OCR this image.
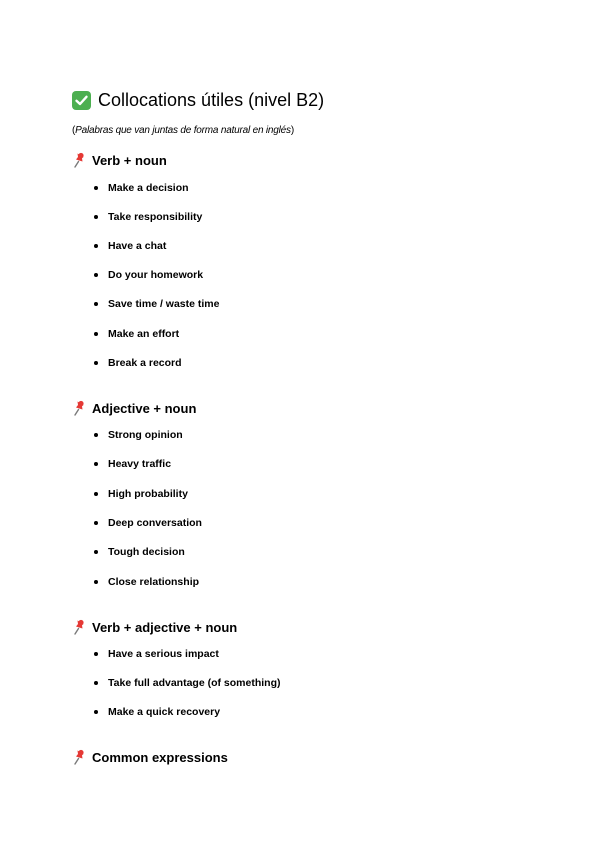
Collocations útiles (nivel B2)
(Palabras que van juntas de forma natural en inglés)
Verb + noun
Make a decision
Take responsibility
Have a chat
Do your homework
Save time / waste time
Make an effort
Break a record
Adjective + noun
Strong opinion
Heavy traffic
High probability
Deep conversation
Tough decision
Close relationship
Verb + adjective + noun
Have a serious impact
Take full advantage (of something)
Make a quick recovery
Common expressions
